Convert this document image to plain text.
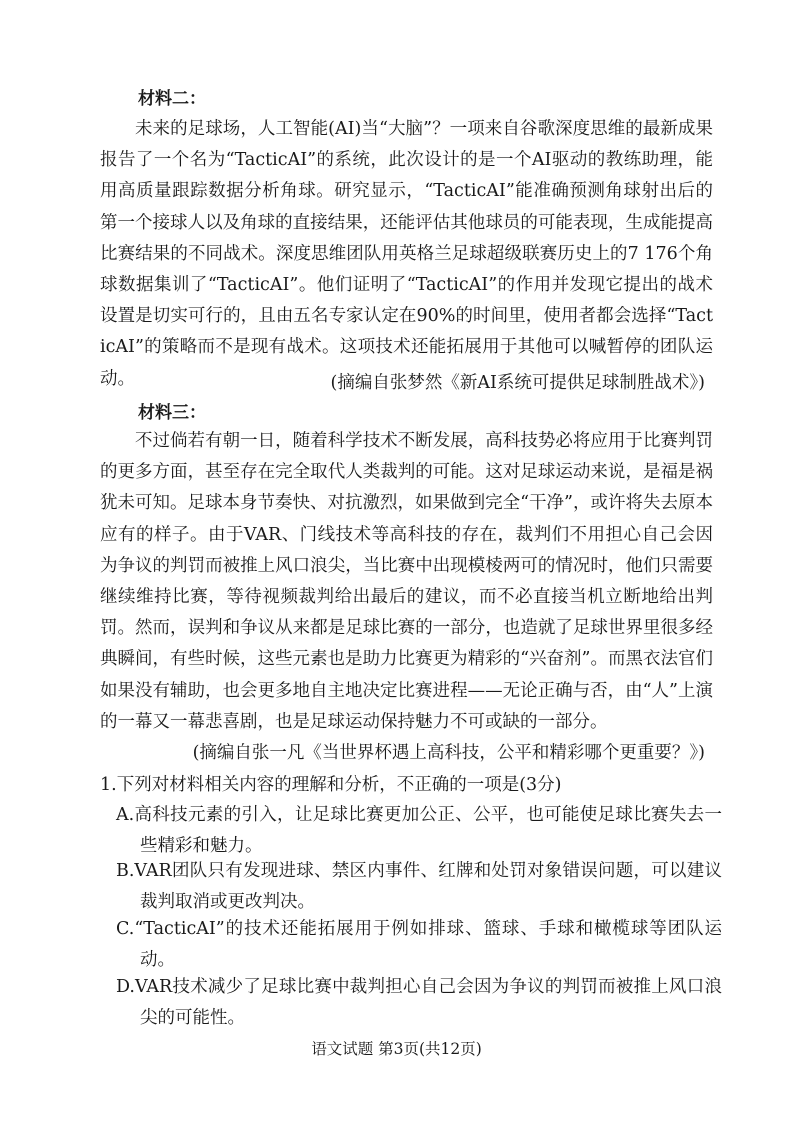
材料二：

未来的足球场，人工智能(AI)当“大脑”？一项来自谷歌深度思维的最新成果报告了一个名为“TacticAI”的系统，此次设计的是一个AI驱动的教练助理，能用高质量跟踪数据分析角球。研究显示，“TacticAI”能准确预测角球射出后的第一个接球人以及角球的直接结果，还能评估其他球员的可能表现，生成能提高比赛结果的不同战术。深度思维团队用英格兰足球超级联赛历史上的7 176个角球数据集训了“TacticAI”。他们证明了“TacticAI”的作用并发现它提出的战术设置是切实可行的，且由五名专家认定在90%的时间里，使用者都会选择“TacticAI”的策略而不是现有战术。这项技术还能拓展用于其他可以喊暂停的团队运动。	(摘编自张梦然《新AI系统可提供足球制胜战术》)

材料三：

不过倘若有朝一日，随着科学技术不断发展，高科技势必将应用于比赛判罚的更多方面，甚至存在完全取代人类裁判的可能。这对足球运动来说，是福是祸犹未可知。足球本身节奏快、对抗激烈，如果做到完全“干净”，或许将失去原本应有的样子。由于VAR、门线技术等高科技的存在，裁判们不用担心自己会因为争议的判罚而被推上风口浪尖，当比赛中出现模棱两可的情况时，他们只需要继续维持比赛，等待视频裁判给出最后的建议，而不必直接当机立断地给出判罚。然而，误判和争议从来都是足球比赛的一部分，也造就了足球世界里很多经典瞬间，有些时候，这些元素也是助力比赛更为精彩的“兴奋剂”。而黑衣法官们如果没有辅助，也会更多地自主地决定比赛进程——无论正确与否，由“人”上演的一幕又一幕悲喜剧，也是足球运动保持魅力不可或缺的一部分。

(摘编自张一凡《当世界杯遇上高科技，公平和精彩哪个更重要？》)

1.下列对材料相关内容的理解和分析，不正确的一项是(3分)

A.高科技元素的引入，让足球比赛更加公正、公平，也可能使足球比赛失去一些精彩和魅力。

B.VAR团队只有发现进球、禁区内事件、红牌和处罚对象错误问题，可以建议裁判取消或更改判决。

C.“TacticAI”的技术还能拓展用于例如排球、篮球、手球和橄榄球等团队运动。

D.VAR技术减少了足球比赛中裁判担心自己会因为争议的判罚而被推上风口浪尖的可能性。

语文试题 第3页(共12页)
